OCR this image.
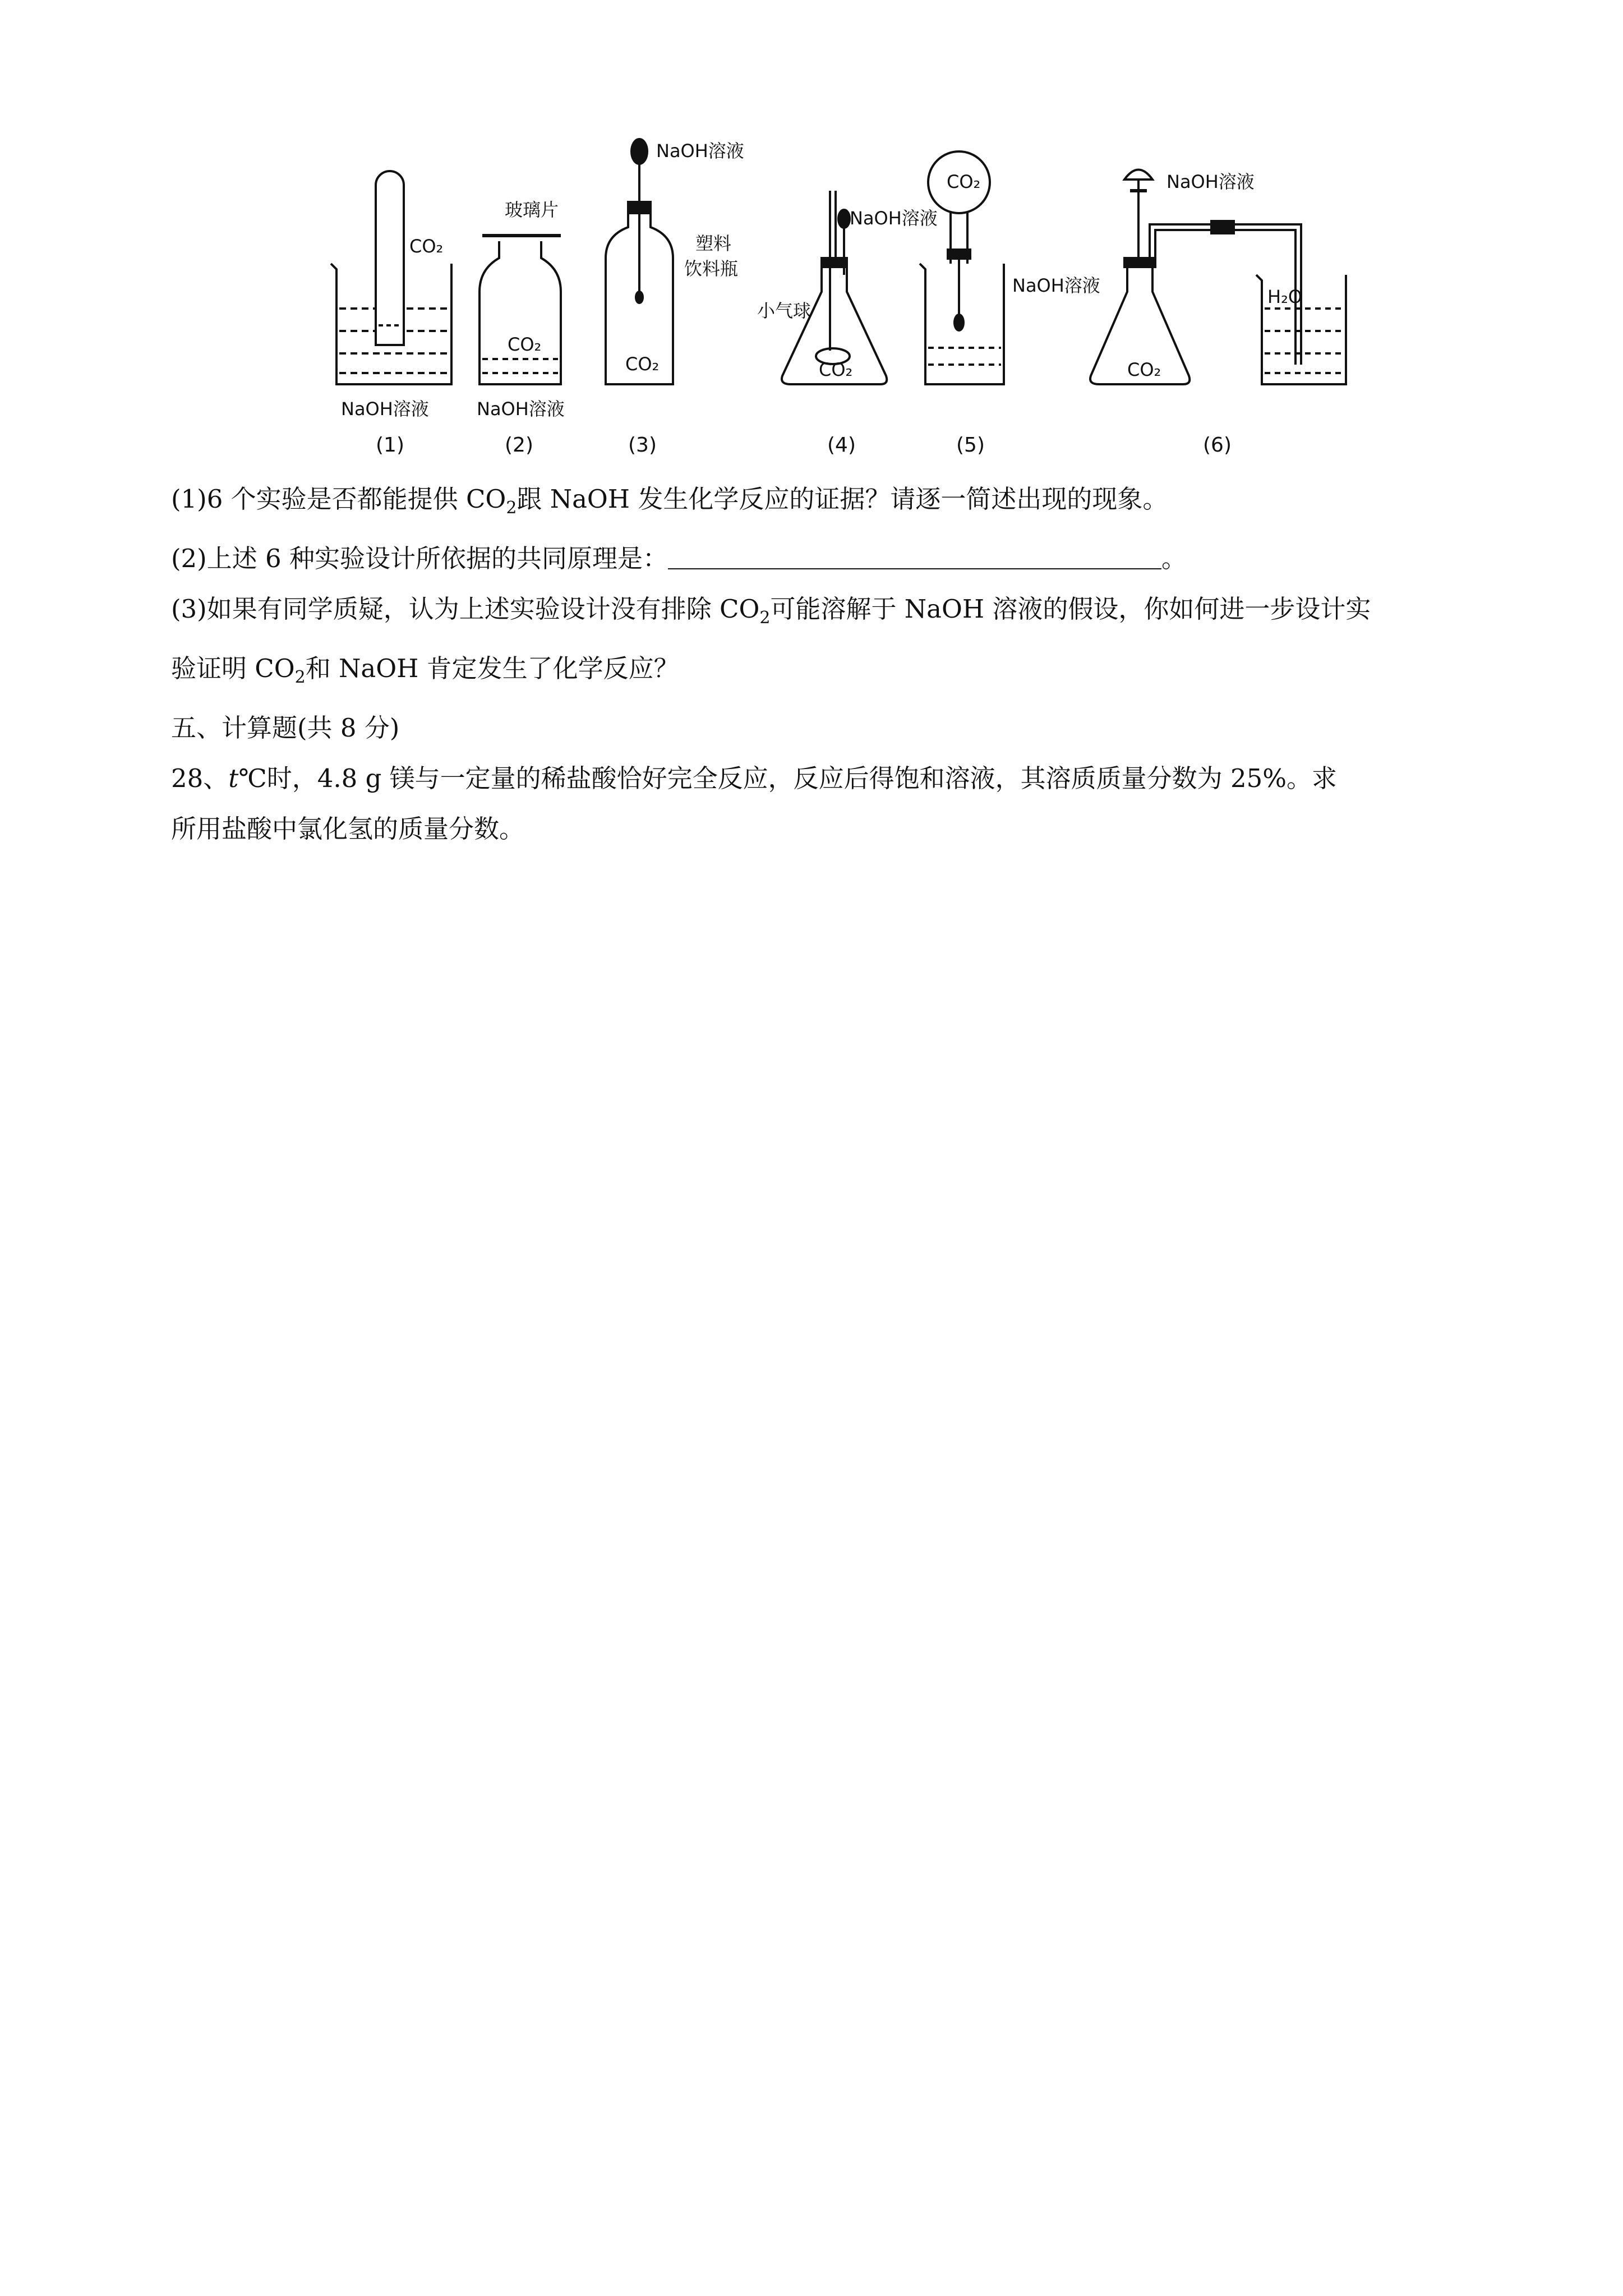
CO₂
NaOH溶液
(1)
玻璃片
CO₂
NaOH溶液
(2)
NaOH溶液
塑料
饮料瓶
CO₂
(3)
NaOH溶液
小气球
CO₂
(4)
CO₂
NaOH溶液
(5)
NaOH溶液
CO₂
H₂O
(6)
(1)6 个实验是否都能提供 $CO_2$跟 NaOH 发生化学反应的证据？请逐一简述出现的现象。
(2)上述 6 种实验设计所依据的共同原理是：	。
(3)如果有同学质疑，认为上述实验设计没有排除 $CO_2$可能溶解于 NaOH 溶液的假设，你如何进一步设计实
验证明 $CO_2$和 NaOH 肯定发生了化学反应？
五、计算题(共 8 分)
28、t℃时，4.8 g 镁与一定量的稀盐酸恰好完全反应，反应后得饱和溶液，其溶质质量分数为 25%。求
所用盐酸中氯化氢的质量分数。
